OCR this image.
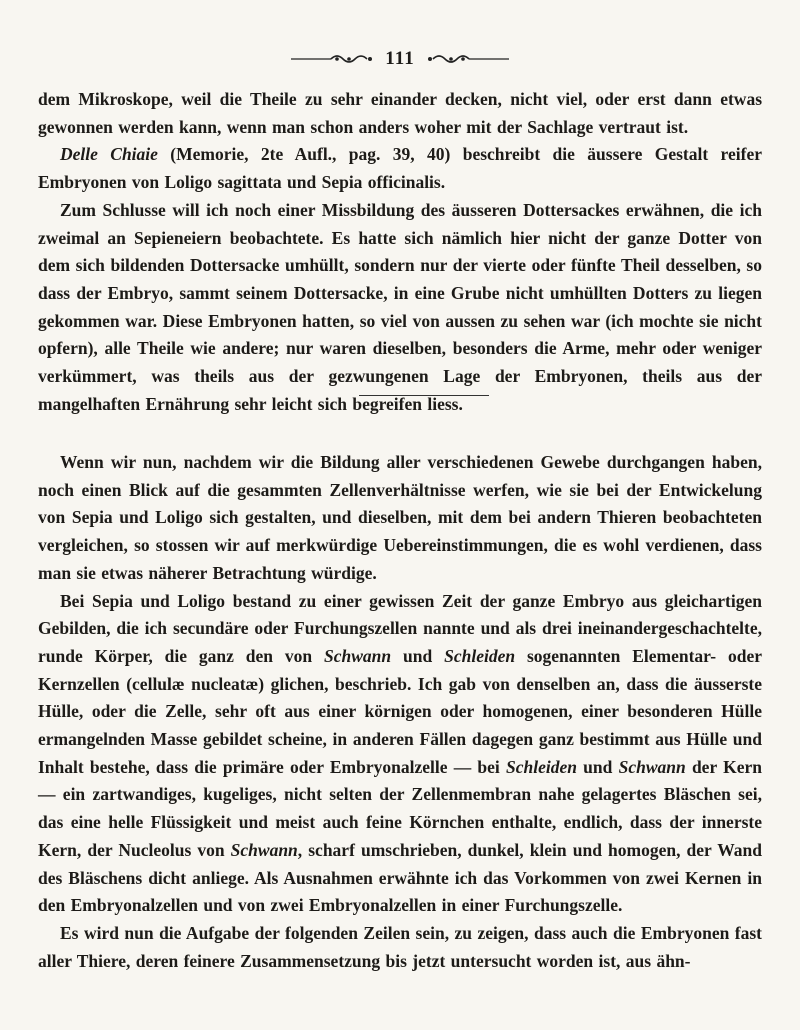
111

dem Mikroskope, weil die Theile zu sehr einander decken, nicht viel, oder erst dann etwas gewonnen werden kann, wenn man schon anders woher mit der Sachlage vertraut ist.

Delle Chiaie (Memorie, 2te Aufl., pag. 39, 40) beschreibt die äussere Gestalt reifer Embryonen von Loligo sagittata und Sepia officinalis.

Zum Schlusse will ich noch einer Missbildung des äusseren Dottersackes erwähnen, die ich zweimal an Sepieneiern beobachtete. Es hatte sich nämlich hier nicht der ganze Dotter von dem sich bildenden Dottersacke umhüllt, sondern nur der vierte oder fünfte Theil desselben, so dass der Embryo, sammt seinem Dottersacke, in eine Grube nicht umhüllten Dotters zu liegen gekommen war. Diese Embryonen hatten, so viel von aussen zu sehen war (ich mochte sie nicht opfern), alle Theile wie andere; nur waren dieselben, besonders die Arme, mehr oder weniger verkümmert, was theils aus der gezwungenen Lage der Embryonen, theils aus der mangelhaften Ernährung sehr leicht sich begreifen liess.

Wenn wir nun, nachdem wir die Bildung aller verschiedenen Gewebe durchgangen haben, noch einen Blick auf die gesammten Zellenverhältnisse werfen, wie sie bei der Entwickelung von Sepia und Loligo sich gestalten, und dieselben, mit dem bei andern Thieren beobachteten vergleichen, so stossen wir auf merkwürdige Uebereinstimmungen, die es wohl verdienen, dass man sie etwas näherer Betrachtung würdige.

Bei Sepia und Loligo bestand zu einer gewissen Zeit der ganze Embryo aus gleichartigen Gebilden, die ich secundäre oder Furchungszellen nannte und als drei ineinandergeschachtelte, runde Körper, die ganz den von Schwann und Schleiden sogenannten Elementar- oder Kernzellen (cellulæ nucleatæ) glichen, beschrieb. Ich gab von denselben an, dass die äusserste Hülle, oder die Zelle, sehr oft aus einer körnigen oder homogenen, einer besonderen Hülle ermangelnden Masse gebildet scheine, in anderen Fällen dagegen ganz bestimmt aus Hülle und Inhalt bestehe, dass die primäre oder Embryonalzelle — bei Schleiden und Schwann der Kern — ein zartwandiges, kugeliges, nicht selten der Zellenmembran nahe gelagertes Bläschen sei, das eine helle Flüssigkeit und meist auch feine Körnchen enthalte, endlich, dass der innerste Kern, der Nucleolus von Schwann, scharf umschrieben, dunkel, klein und homogen, der Wand des Bläschens dicht anliege. Als Ausnahmen erwähnte ich das Vorkommen von zwei Kernen in den Embryonalzellen und von zwei Embryonalzellen in einer Furchungszelle.

Es wird nun die Aufgabe der folgenden Zeilen sein, zu zeigen, dass auch die Embryonen fast aller Thiere, deren feinere Zusammensetzung bis jetzt untersucht worden ist, aus ähn-
